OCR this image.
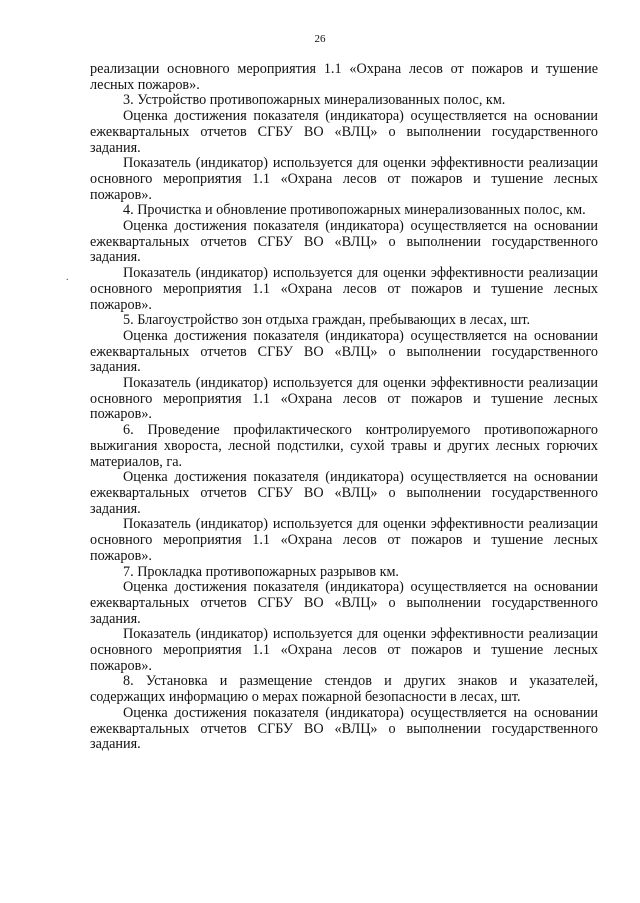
26
.

реализации основного мероприятия 1.1 «Охрана лесов от пожаров и тушение лесных пожаров».

3. Устройство противопожарных минерализованных полос, км.

Оценка достижения показателя (индикатора) осуществляется на основании ежеквартальных отчетов СГБУ ВО «ВЛЦ» о выполнении государственного задания.

Показатель (индикатор) используется для оценки эффективности реализации основного мероприятия 1.1 «Охрана лесов от пожаров и тушение лесных пожаров».

4. Прочистка и обновление противопожарных минерализованных полос, км.

Оценка достижения показателя (индикатора) осуществляется на основании ежеквартальных отчетов СГБУ ВО «ВЛЦ» о выполнении государственного задания.

Показатель (индикатор) используется для оценки эффективности реализации основного мероприятия 1.1 «Охрана лесов от пожаров и тушение лесных пожаров».

5. Благоустройство зон отдыха граждан, пребывающих в лесах, шт.

Оценка достижения показателя (индикатора) осуществляется на основании ежеквартальных отчетов СГБУ ВО «ВЛЦ» о выполнении государственного задания.

Показатель (индикатор) используется для оценки эффективности реализации основного мероприятия 1.1 «Охрана лесов от пожаров и тушение лесных пожаров».

6. Проведение профилактического контролируемого противопожарного выжигания хвороста, лесной подстилки, сухой травы и других лесных горючих материалов, га.

Оценка достижения показателя (индикатора) осуществляется на основании ежеквартальных отчетов СГБУ ВО «ВЛЦ» о выполнении государственного задания.

Показатель (индикатор) используется для оценки эффективности реализации основного мероприятия 1.1 «Охрана лесов от пожаров и тушение лесных пожаров».

7. Прокладка противопожарных разрывов км.

Оценка достижения показателя (индикатора) осуществляется на основании ежеквартальных отчетов СГБУ ВО «ВЛЦ» о выполнении государственного задания.

Показатель (индикатор) используется для оценки эффективности реализации основного мероприятия 1.1 «Охрана лесов от пожаров и тушение лесных пожаров».

8. Установка и размещение стендов и других знаков и указателей, содержащих информацию о мерах пожарной безопасности в лесах, шт.

Оценка достижения показателя (индикатора) осуществляется на основании ежеквартальных отчетов СГБУ ВО «ВЛЦ» о выполнении государственного задания.
